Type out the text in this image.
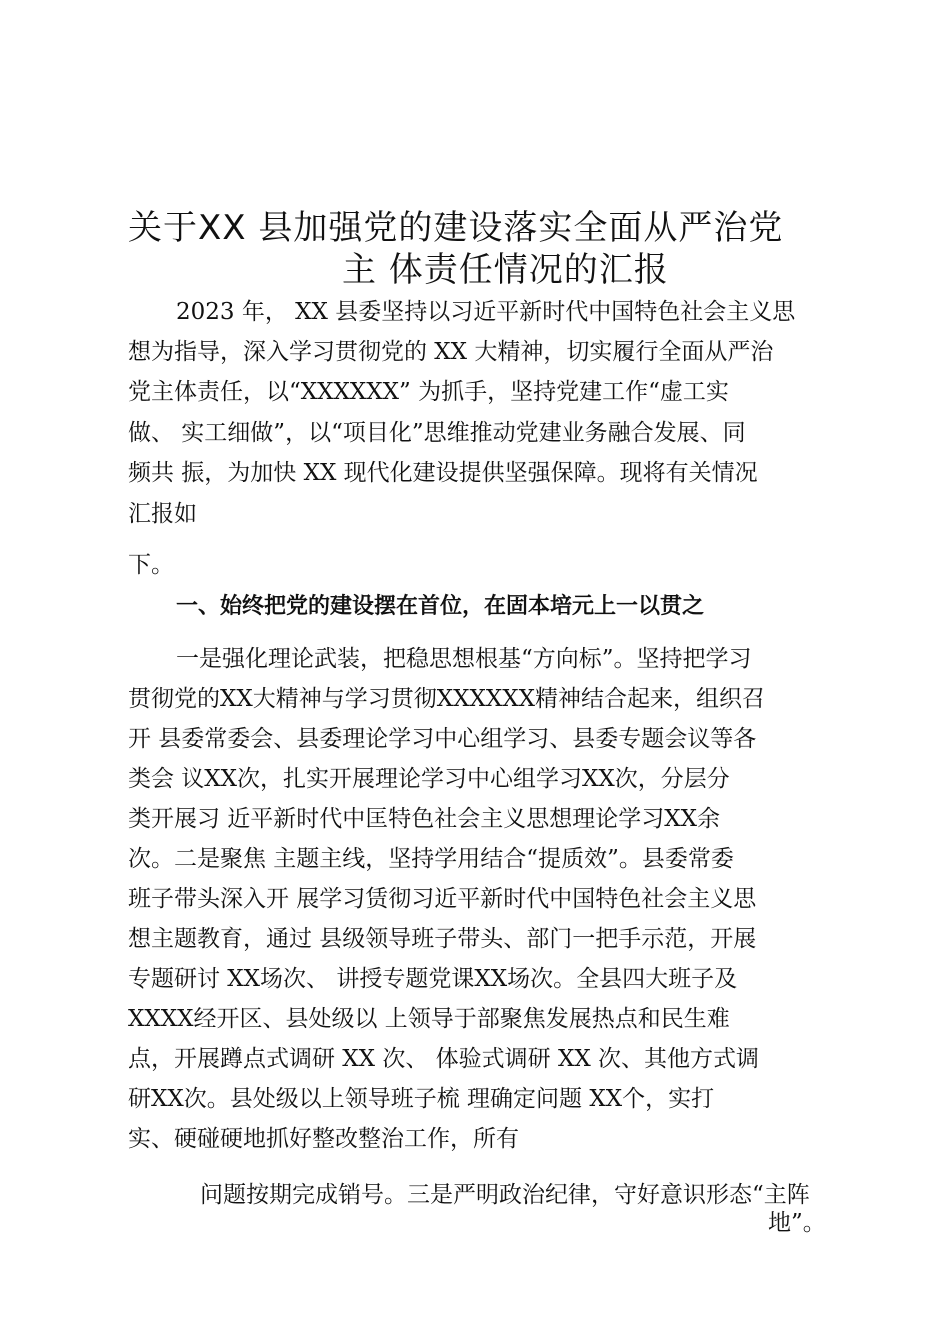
关于XX 县加强党的建设落实全面从严治党
主 体责任情况的汇报
2023 年， XX 县委坚持以习近平新时代中国特色社会主义思
想为指导，深入学习贯彻党的 XX 大精神，切实履行全面从严治
党主体责任，以“XXXXXX” 为抓手，坚持党建工作“虚工实
做、 实工细做”，以“项目化”思维推动党建业务融合发展、同
频共 振，为加快 XX 现代化建设提供坚强保障。现将有关情况
汇报如
下。
一、始终把党的建设摆在首位，在固本培元上一以贯之
一是强化理论武装，把稳思想根基“方向标”。坚持把学习
贯彻党的XX大精神与学习贯彻XXXXXX精神结合起来，组织召
开 县委常委会、县委理论学习中心组学习、县委专题会议等各
类会 议XX次，扎实开展理论学习中心组学习XX次，分层分
类开展习 近平新时代中匡特色社会主义思想理论学习XX余
次。二是聚焦 主题主线，坚持学用结合“提质效”。县委常委
班子带头深入开 展学习赁彻习近平新时代中国特色社会主义思
想主题教育，通过 县级领导班子带头、部门一把手示范，开展
专题研讨 XX场次、 讲授专题党课XX场次。全县四大班子及
XXXX经开区、县处级以 上领导于部聚焦发展热点和民生难
点，开展蹲点式调研 XX 次、 体验式调研 XX 次、其他方式调
研XX次。县处级以上领导班子梳 理确定问题 XX个，实打
实、硬碰硬地抓好整改整治工作，所有
问题按期完成销号。三是严明政治纪律，守好意识形态“主阵
地”。
